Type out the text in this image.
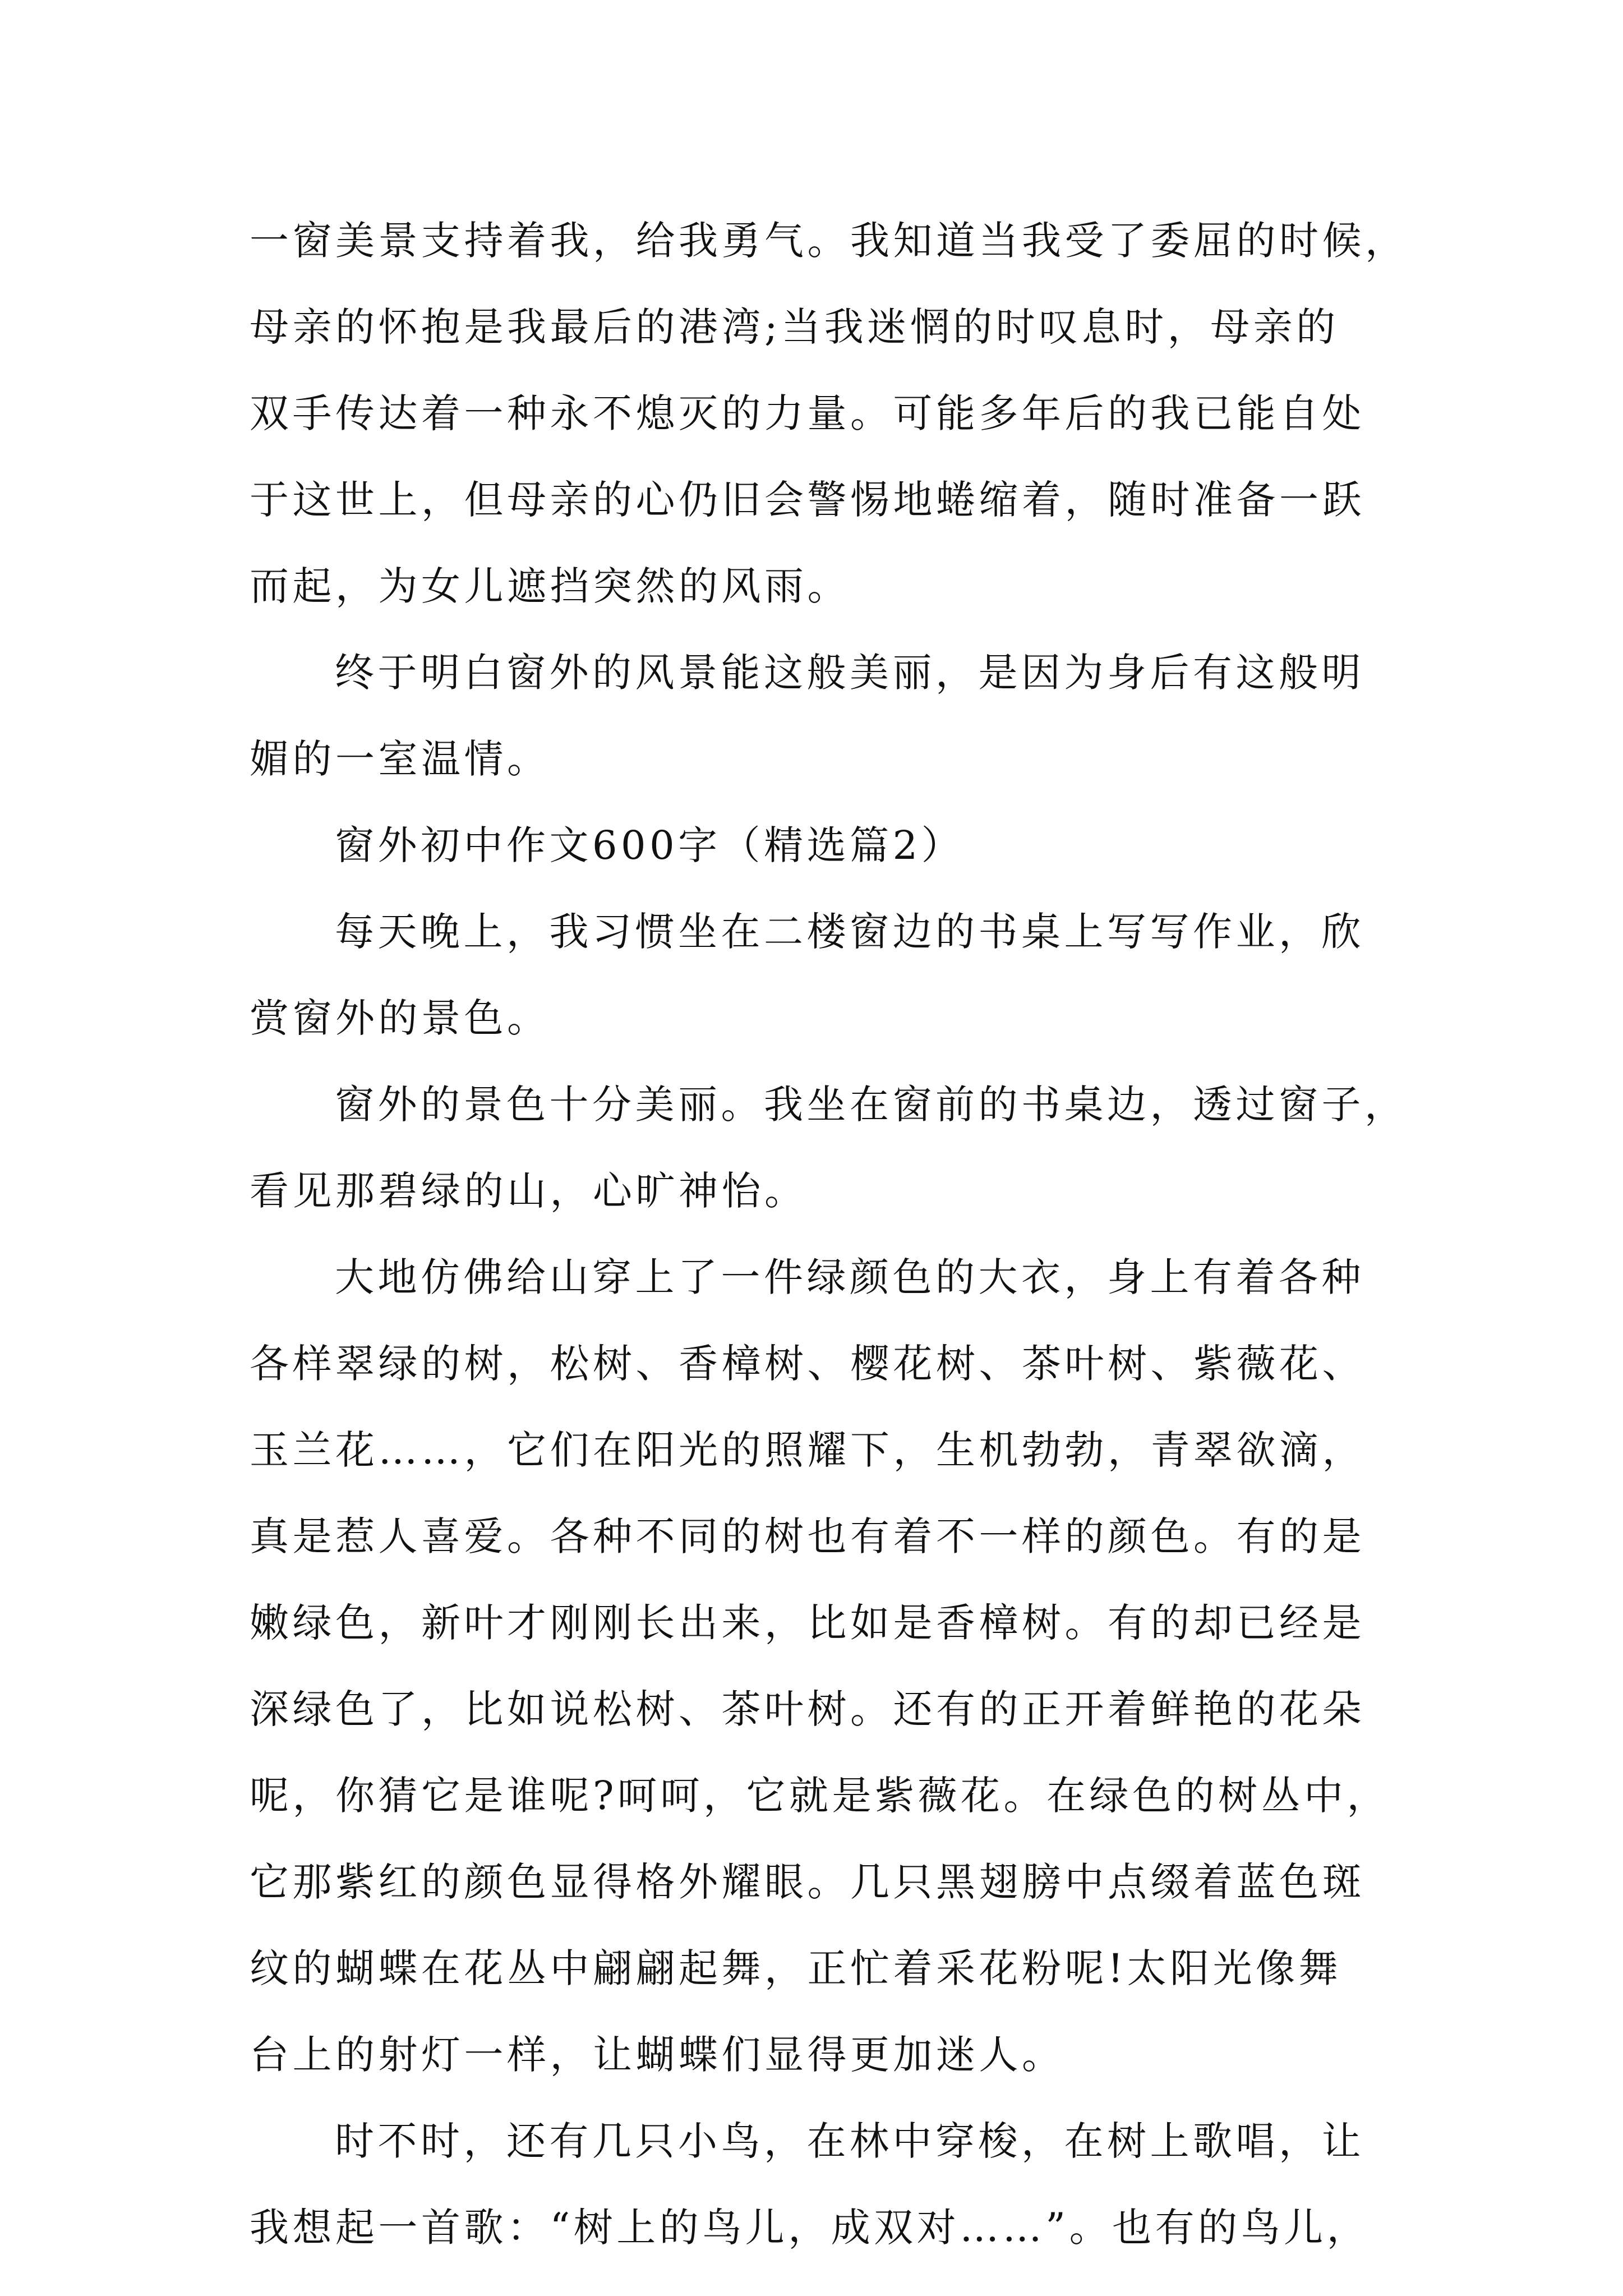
一窗美景支持着我，给我勇气。我知道当我受了委屈的时候，
母亲的怀抱是我最后的港湾;当我迷惘的时叹息时，母亲的
双手传达着一种永不熄灭的力量。可能多年后的我已能自处
于这世上，但母亲的心仍旧会警惕地蜷缩着，随时准备一跃
而起，为女儿遮挡突然的风雨。
终于明白窗外的风景能这般美丽，是因为身后有这般明
媚的一室温情。
窗外初中作文600字（精选篇2）
每天晚上，我习惯坐在二楼窗边的书桌上写写作业，欣
赏窗外的景色。
窗外的景色十分美丽。我坐在窗前的书桌边，透过窗子，
看见那碧绿的山，心旷神怡。
大地仿佛给山穿上了一件绿颜色的大衣，身上有着各种
各样翠绿的树，松树、香樟树、樱花树、茶叶树、紫薇花、
玉兰花……，它们在阳光的照耀下，生机勃勃，青翠欲滴，
真是惹人喜爱。各种不同的树也有着不一样的颜色。有的是
嫩绿色，新叶才刚刚长出来，比如是香樟树。有的却已经是
深绿色了，比如说松树、茶叶树。还有的正开着鲜艳的花朵
呢，你猜它是谁呢?呵呵，它就是紫薇花。在绿色的树丛中，
它那紫红的颜色显得格外耀眼。几只黑翅膀中点缀着蓝色斑
纹的蝴蝶在花丛中翩翩起舞，正忙着采花粉呢!太阳光像舞
台上的射灯一样，让蝴蝶们显得更加迷人。
时不时，还有几只小鸟，在林中穿梭，在树上歌唱，让
我想起一首歌：“树上的鸟儿，成双对……”。也有的鸟儿，
